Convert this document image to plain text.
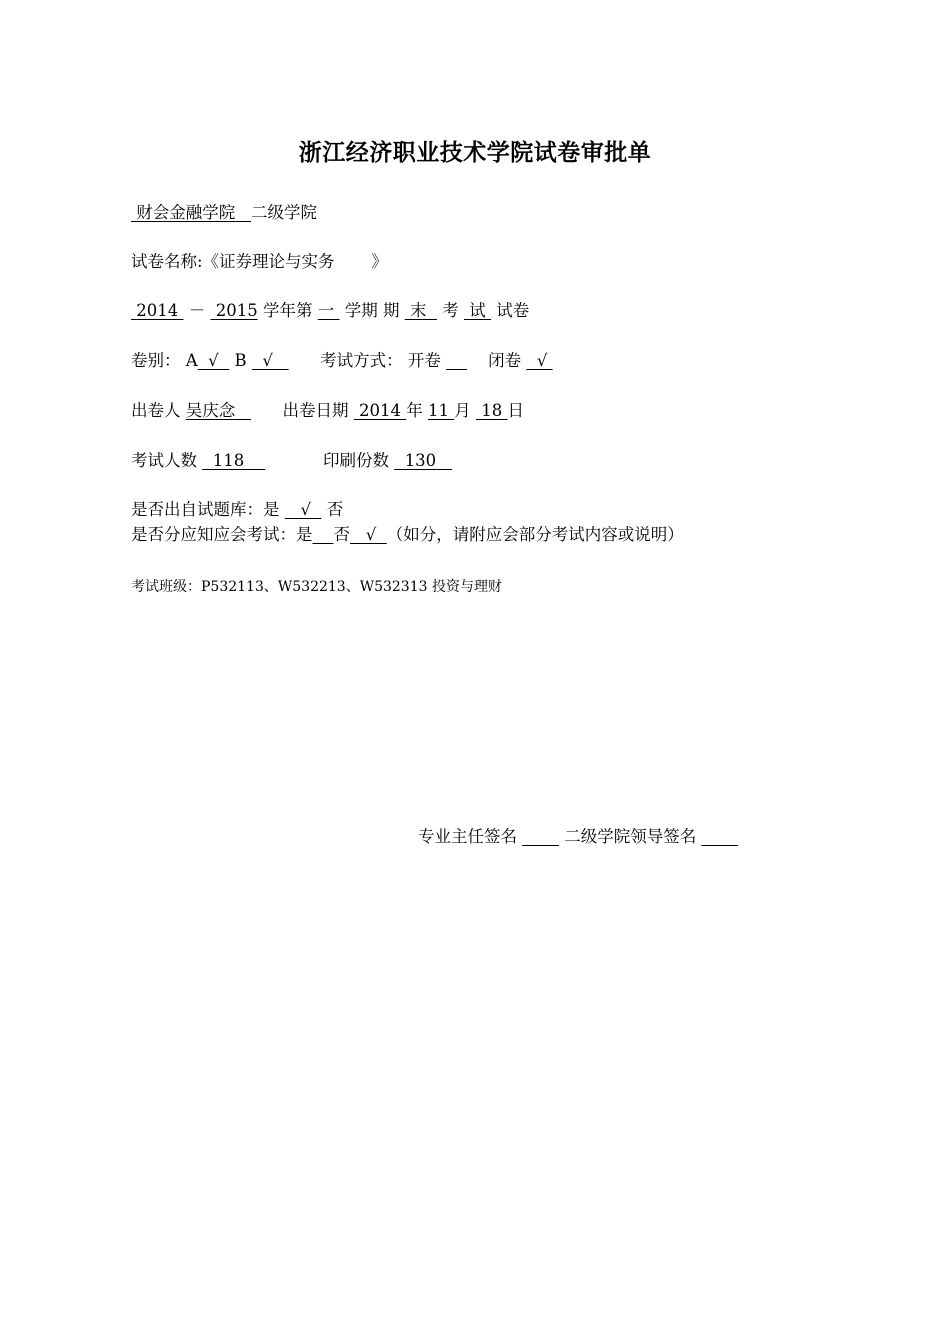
浙江经济职业技术学院试卷审批单
财会金融学院 二级学院
试卷名称:《证券理论与实务 》
2014 － 2015 学年第 一 学期 期 末 考 试 试卷
卷别： A √ B √	考试方式： 开卷	闭卷 √
出卷人 吴庆念	出卷日期 2014 年 11 月 18 日
考试人数 118	印刷份数 130
是否出自试题库：是 √ 否
是否分应知应会考试：是 否 √ （如分，请附应会部分考试内容或说明）
考试班级：P532113、W532213、W532313 投资与理财
专业主任签名	二级学院领导签名
